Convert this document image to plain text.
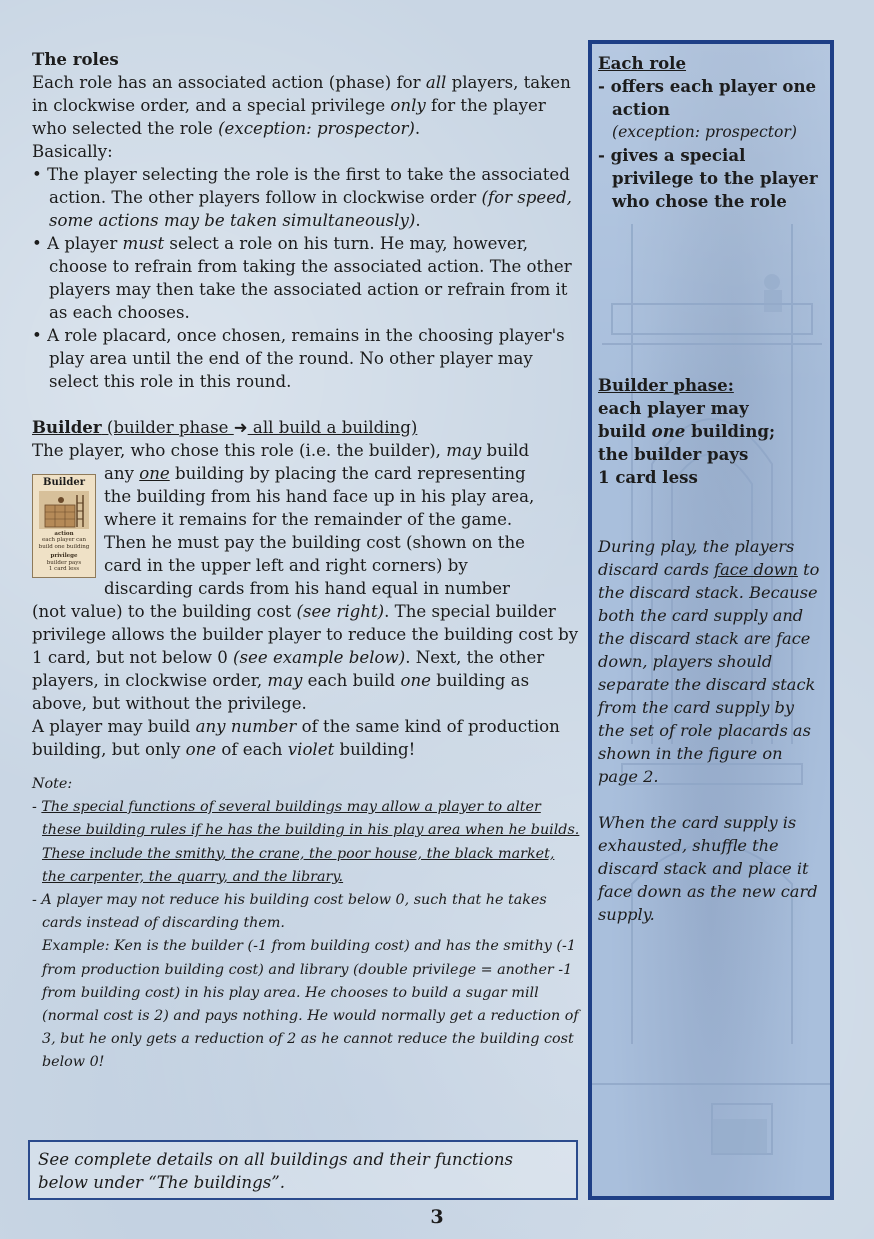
The roles

Each role has an associated action (phase) for all players, taken in clockwise order, and a special privilege only for the player who selected the role (exception: prospector).

Basically:

• The player selecting the role is the first to take the associated action. The other players follow in clockwise order (for speed, some actions may be taken simultaneously).

• A player must select a role on his turn. He may, however, choose to refrain from taking the associated action. The other players may then take the associated action or refrain from it as each chooses.

• A role placard, once chosen, remains in the choosing player's play area until the end of the round. No other player may select this role in this round.

Builder (builder phase ➜ all build a building)

The player, who chose this role (i.e. the builder), may build

Builder
action
each player can
build one building
privilege
builder pays
1 card less

any one building by placing the card representing

the building from his hand face up in his play area,

where it remains for the remainder of the game.

Then he must pay the building cost (shown on the

card in the upper left and right corners) by

discarding cards from his hand equal in number

(not value) to the building cost (see right). The special builder privilege allows the builder player to reduce the building cost by 1 card, but not below 0 (see example below). Next, the other players, in clockwise order, may each build one building as above, but without the privilege.

A player may build any number of the same kind of production building, but only one of each violet building!

Note:

- The special functions of several buildings may allow a player to alter these building rules if he has the building in his play area when he builds. These include the smithy, the crane, the poor house, the black market, the carpenter, the quarry, and the library.

- A player may not reduce his building cost below 0, such that he takes cards instead of discarding them.

Example: Ken is the builder (-1 from building cost) and has the smithy (-1 from production building cost) and library (double privilege = another -1 from building cost) in his play area. He chooses to build a sugar mill (normal cost is 2) and pays nothing. He would normally get a reduction of 3, but he only gets a reduction of 2 as he cannot reduce the building cost below 0!

See complete details on all buildings and their functions below under “The buildings”.

Each role

- offers each player one action

(exception: prospector)

- gives a special privilege to the player who chose the role

Builder phase:

each player may

build one building;

the builder pays

1 card less

During play, the players discard cards face down to the discard stack. Because both the card supply and the discard stack are face down, players should separate the discard stack from the card supply by the set of role placards as shown in the figure on page 2.

When the card supply is exhausted, shuffle the discard stack and place it face down as the new card supply.

3
